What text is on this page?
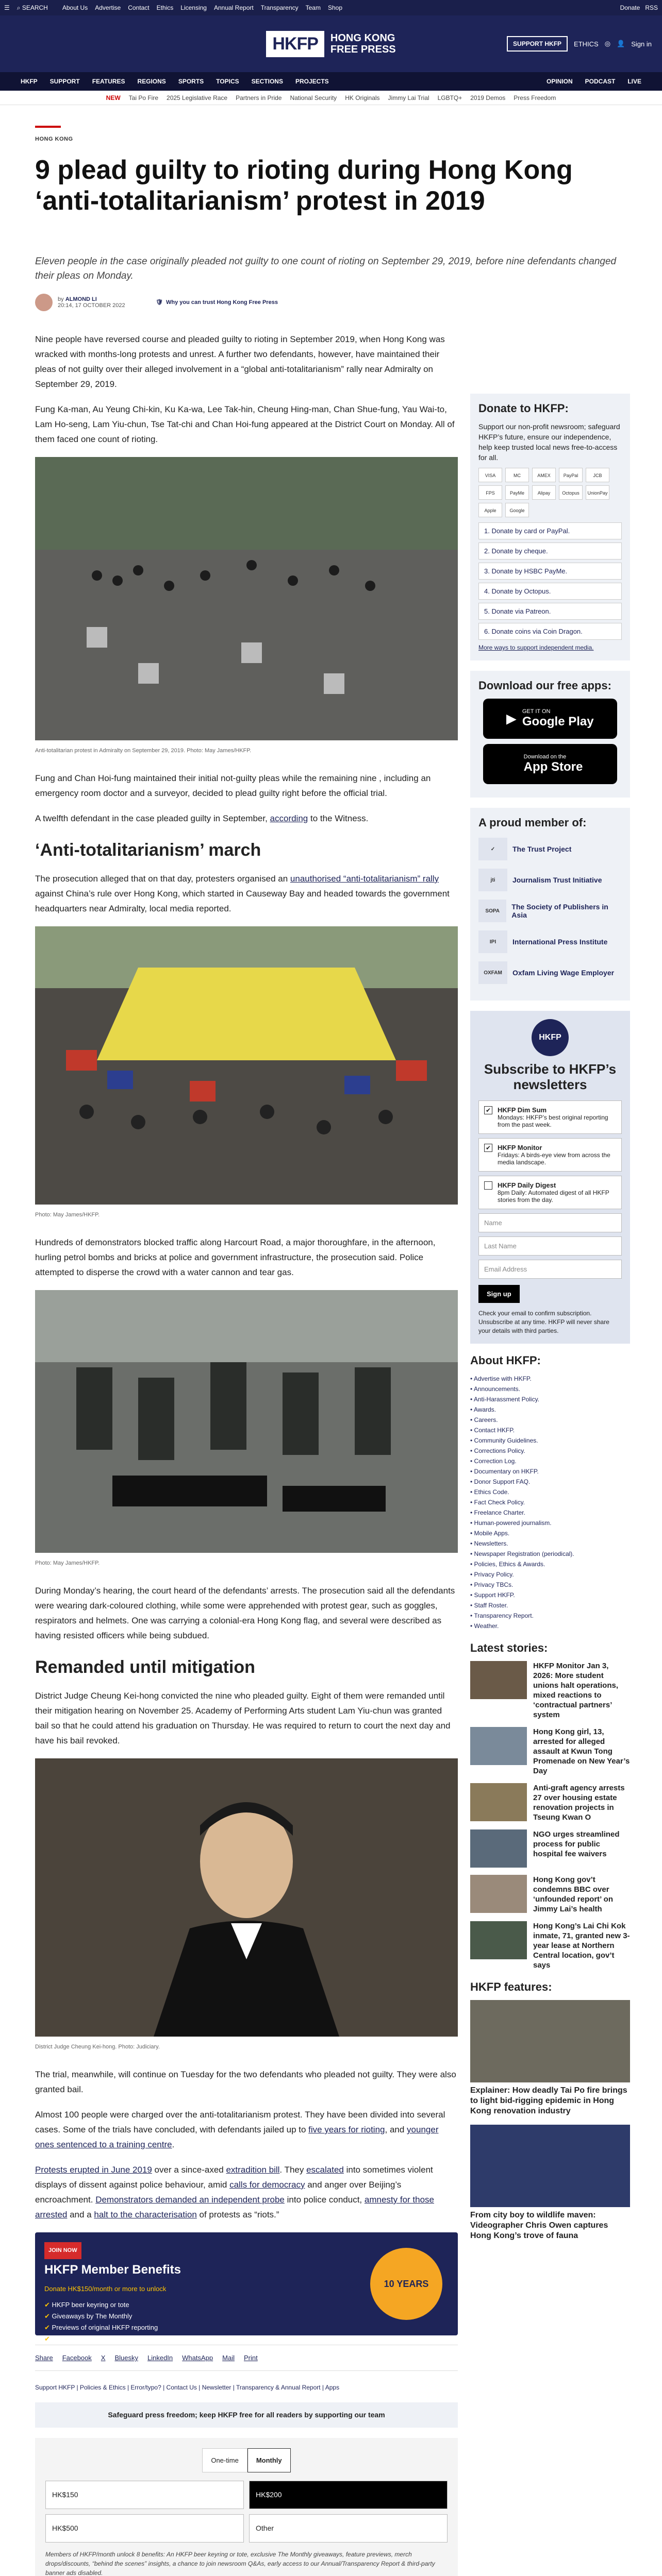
☰ ⌕ SEARCH About Us Advertise Contact Ethics Licensing Annual Report Transparency Team Shop	Donate RSS
HKFP	HONG KONG
FREE PRESS	SUPPORT HKFP	ETHICS ◎ 👤 Sign in
HKFP SUPPORT FEATURES REGIONS SPORTS TOPICS SECTIONS PROJECTS	OPINION PODCAST LIVE
NEW Tai Po Fire 2025 Legislative Race Partners in Pride National Security HK Originals Jimmy Lai Trial LGBTQ+ 2019 Demos Press Freedom
HONG KONG
9 plead guilty to rioting during Hong Kong ‘anti-totalitarianism’ protest in 2019
Eleven people in the case originally pleaded not guilty to one count of rioting on September 29, 2019, before nine defendants changed their pleas on Monday.
by ALMOND LI
20:14, 17 OCTOBER 2022	🛡 Why you can trust Hong Kong Free Press

Nine people have reversed course and pleaded guilty to rioting in September 2019, when Hong Kong was wracked with months-long protests and unrest. A further two defendants, however, have maintained their pleas of not guilty over their alleged involvement in a “global anti-totalitarianism” rally near Admiralty on September 29, 2019.

Fung Ka-man, Au Yeung Chi-kin, Ku Ka-wa, Lee Tak-hin, Cheung Hing-man, Chan Shue-fung, Yau Wai-to, Lam Ho-seng, Lam Yiu-chun, Tse Tat-chi and Chan Hoi-fung appeared at the District Court on Monday. All of them faced one count of rioting.

Anti-totalitarian protest in Admiralty on September 29, 2019. Photo: May James/HKFP.

Fung and Chan Hoi-fung maintained their initial not-guilty pleas while the remaining nine , including an emergency room doctor and a surveyor, decided to plead guilty right before the official trial.

A twelfth defendant in the case pleaded guilty in September, according to the Witness.

‘Anti-totalitarianism’ march

The prosecution alleged that on that day, protesters organised an unauthorised “anti-totalitarianism” rally against China’s rule over Hong Kong, which started in Causeway Bay and headed towards the government headquarters near Admiralty, local media reported.

Photo: May James/HKFP.

Hundreds of demonstrators blocked traffic along Harcourt Road, a major thoroughfare, in the afternoon, hurling petrol bombs and bricks at police and government infrastructure, the prosecution said. Police attempted to disperse the crowd with a water cannon and tear gas.

Photo: May James/HKFP.

During Monday’s hearing, the court heard of the defendants’ arrests. The prosecution said all the defendants were wearing dark-coloured clothing, while some were apprehended with protest gear, such as goggles, respirators and helmets. One was carrying a colonial-era Hong Kong flag, and several were described as having resisted officers while being subdued.

Remanded until mitigation

District Judge Cheung Kei-hong convicted the nine who pleaded guilty. Eight of them were remanded until their mitigation hearing on November 25. Academy of Performing Arts student Lam Yiu-chun was granted bail so that he could attend his graduation on Thursday. He was required to return to court the next day and have his bail revoked.

District Judge Cheung Kei-hong. Photo: Judiciary.

The trial, meanwhile, will continue on Tuesday for the two defendants who pleaded not guilty. They were also granted bail.

Almost 100 people were charged over the anti-totalitarianism protest. They have been divided into several cases. Some of the trials have concluded, with defendants jailed up to five years for rioting, and younger ones sentenced to a training centre.

Protests erupted in June 2019 over a since-axed extradition bill. They escalated into sometimes violent displays of dissent against police behaviour, amid calls for democracy and anger over Beijing’s encroachment. Demonstrators demanded an independent probe into police conduct, amnesty for those arrested and a halt to the characterisation of protests as “riots.”

JOIN NOW
HKFP Member Benefits
Donate HK$150/month or more to unlock
✔ HKFP beer keyring or tote
✔ Giveaways by The Monthly
✔ Previews of original HKFP reporting
✔ Exclusive merch drops and discounts
10 YEARS
Share Facebook X Bluesky LinkedIn WhatsApp Mail Print
Support HKFP | Policies & Ethics | Error/typo? | Contact Us | Newsletter | Transparency & Annual Report | Apps
Safeguard press freedom; keep HKFP free for all readers by supporting our team
One-time	Monthly
HK$150	HK$200
HK$500	Other

Members of HKFP/month unlock 8 benefits: An HKFP beer keyring or tote, exclusive The Monthly giveaways, feature previews, merch drops/discounts, “behind the scenes” insights, a chance to join newsroom Q&As, early access to our Annual/Transparency Report & third-party banner ads disabled.

Donate to HKFP:

Support our non-profit newsroom; safeguard HKFP’s future, ensure our independence, help keep trusted local news free-to-access for all.

VISA	MC	AMEX	PayPal	JCB
FPS	PayMe	Alipay	Octopus	UnionPay
Apple	Google
1. Donate by card or PayPal.
2. Donate by cheque.
3. Donate by HSBC PayMe.
4. Donate by Octopus.
5. Donate via Patreon.
6. Donate coins via Coin Dragon.
More ways to support independent media.
Download our free apps:
▶
GET IT ON
Google Play
Download on the
App Store
A proud member of:
✓	The Trust Project
jti	Journalism Trust Initiative
SOPA	The Society of Publishers in Asia
IPI	International Press Institute
OXFAM	Oxfam Living Wage Employer
HKFP
Subscribe to HKFP’s newsletters
✔ HKFP Dim Sum
Mondays: HKFP’s best original reporting from the past week.
✔ HKFP Monitor
Fridays: A birds-eye view from across the media landscape.
HKFP Daily Digest
8pm Daily: Automated digest of all HKFP stories from the day.
Name
Last Name
Email Address
Sign up

Check your email to confirm subscription. Unsubscribe at any time. HKFP will never share your details with third parties.

About HKFP:
• Advertise with HKFP.
• Announcements.
• Anti-Harassment Policy.
• Awards.
• Careers.
• Contact HKFP.
• Community Guidelines.
• Corrections Policy.
• Correction Log.
• Documentary on HKFP.
• Donor Support FAQ.
• Ethics Code.
• Fact Check Policy.
• Freelance Charter.
• Human-powered journalism.
• Mobile Apps.
• Newsletters.
• Newspaper Registration (periodical).
• Policies, Ethics & Awards.
• Privacy Policy.
• Privacy TBCs.
• Support HKFP.
• Staff Roster.
• Transparency Report.
• Weather.
Latest stories:
HKFP Monitor Jan 3, 2026: More student unions halt operations, mixed reactions to ‘contractual partners’ system
Hong Kong girl, 13, arrested for alleged assault at Kwun Tong Promenade on New Year’s Day
Anti-graft agency arrests 27 over housing estate renovation projects in Tseung Kwan O
NGO urges streamlined process for public hospital fee waivers
Hong Kong gov’t condemns BBC over ‘unfounded report’ on Jimmy Lai’s health
Hong Kong’s Lai Chi Kok inmate, 71, granted new 3-year lease at Northern Central location, gov’t says
HKFP features:
Explainer: How deadly Tai Po fire brings to light bid-rigging epidemic in Hong Kong renovation industry
From city boy to wildlife maven: Videographer Chris Owen captures Hong Kong’s trove of fauna
